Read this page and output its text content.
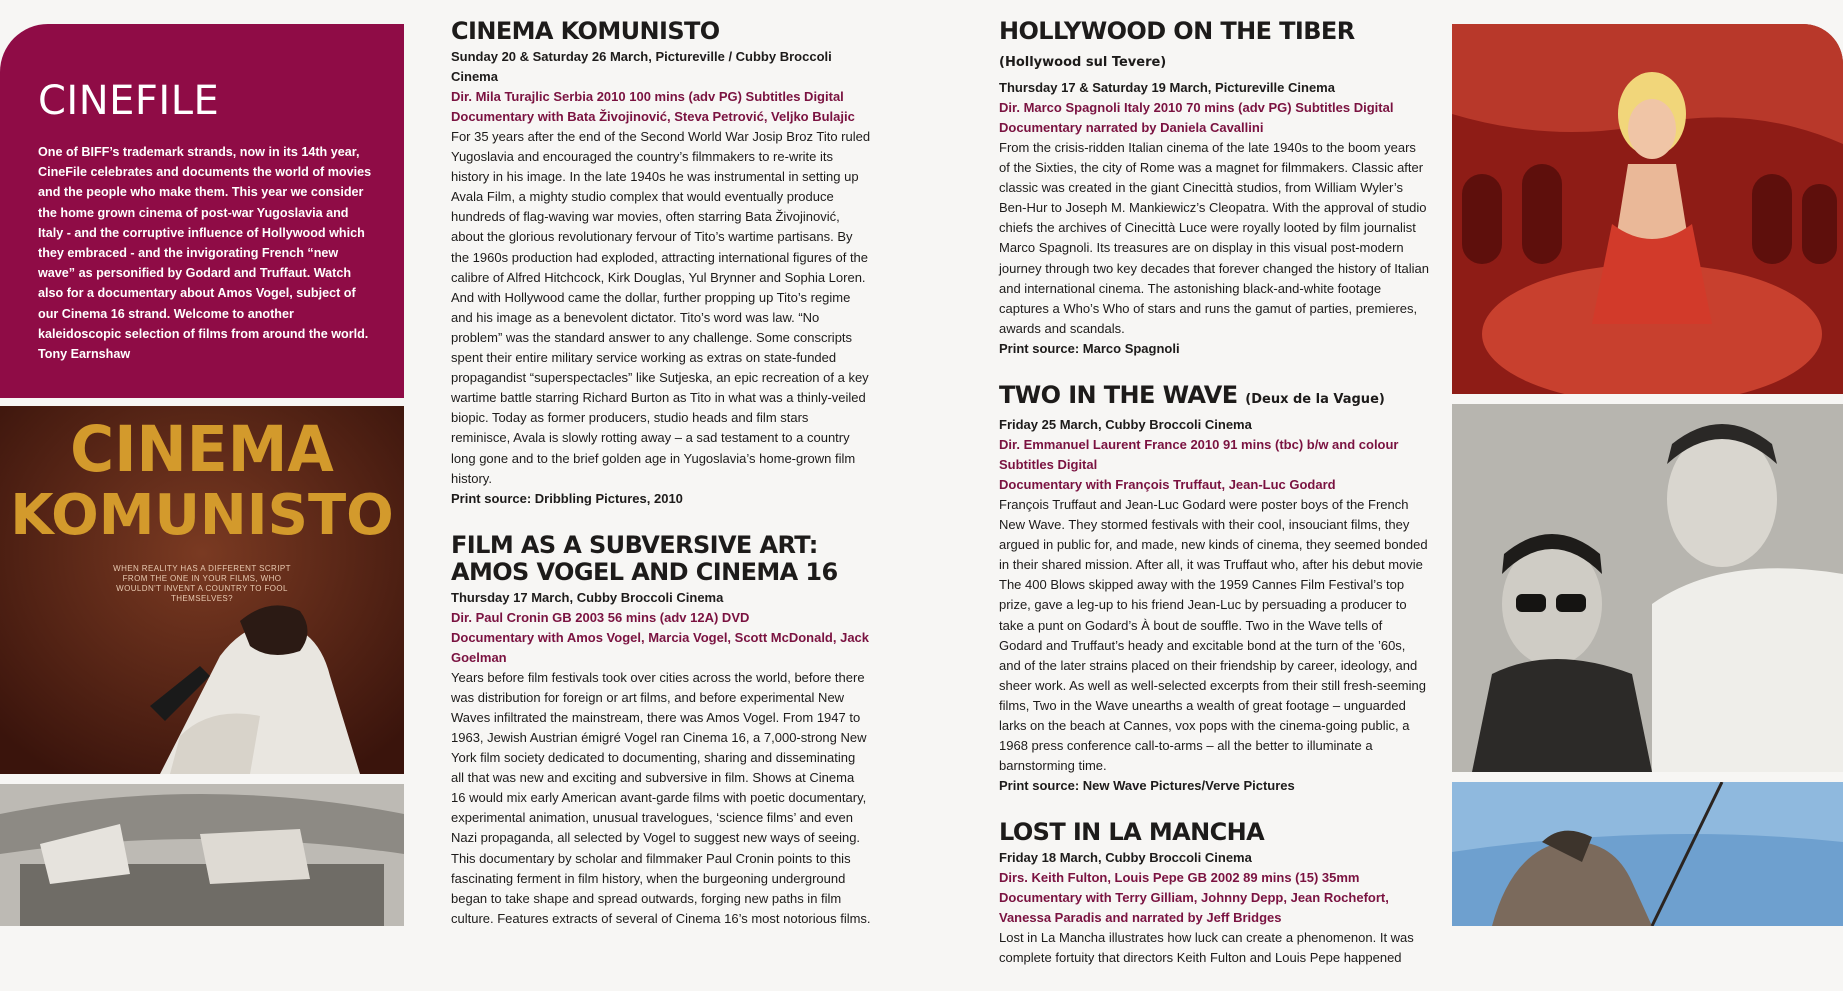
CINEFILE

One of BIFF’s trademark strands, now in its 14th year, CineFile celebrates and documents the world of movies and the people who make them. This year we consider the home grown cinema of post-war Yugoslavia and Italy - and the corruptive influence of Hollywood which they embraced - and the invigorating French “new wave” as personified by Godard and Truffaut. Watch also for a documentary about Amos Vogel, subject of our Cinema 16 strand. Welcome to another kaleidoscopic selection of films from around the world. Tony Earnshaw

CINEMA
KOMUNISTO
WHEN REALITY HAS A DIFFERENT SCRIPT FROM THE ONE IN YOUR FILMS, WHO WOULDN'T INVENT A COUNTRY TO FOOL THEMSELVES?
CINEMA KOMUNISTO
Sunday 20 & Saturday 26 March, Pictureville / Cubby Broccoli Cinema
Dir. Mila Turajlic Serbia 2010 100 mins (adv PG) Subtitles Digital
Documentary with Bata Živojinović, Steva Petrović, Veljko Bulajic
For 35 years after the end of the Second World War Josip Broz Tito ruled Yugoslavia and encouraged the country’s filmmakers to re-write its history in his image. In the late 1940s he was instrumental in setting up Avala Film, a mighty studio complex that would eventually produce hundreds of flag-waving war movies, often starring Bata Živojinović, about the glorious revolutionary fervour of Tito’s wartime partisans. By the 1960s production had exploded, attracting international figures of the calibre of Alfred Hitchcock, Kirk Douglas, Yul Brynner and Sophia Loren. And with Hollywood came the dollar, further propping up Tito’s regime and his image as a benevolent dictator. Tito’s word was law. “No problem” was the standard answer to any challenge. Some conscripts spent their entire military service working as extras on state-funded propagandist “superspectacles” like Sutjeska, an epic recreation of a key wartime battle starring Richard Burton as Tito in what was a thinly-veiled biopic. Today as former producers, studio heads and film stars reminisce, Avala is slowly rotting away – a sad testament to a country long gone and to the brief golden age in Yugoslavia’s home-grown film history.
Print source: Dribbling Pictures, 2010
FILM AS A SUBVERSIVE ART: AMOS VOGEL AND CINEMA 16
Thursday 17 March, Cubby Broccoli Cinema
Dir. Paul Cronin GB 2003 56 mins (adv 12A) DVD
Documentary with Amos Vogel, Marcia Vogel, Scott McDonald, Jack Goelman
Years before film festivals took over cities across the world, before there was distribution for foreign or art films, and before experimental New Waves infiltrated the mainstream, there was Amos Vogel. From 1947 to 1963, Jewish Austrian émigré Vogel ran Cinema 16, a 7,000-strong New York film society dedicated to documenting, sharing and disseminating all that was new and exciting and subversive in film. Shows at Cinema 16 would mix early American avant-garde films with poetic documentary, experimental animation, unusual travelogues, ‘science films’ and even Nazi propaganda, all selected by Vogel to suggest new ways of seeing. This documentary by scholar and filmmaker Paul Cronin points to this fascinating ferment in film history, when the burgeoning underground began to take shape and spread outwards, forging new paths in film culture. Features extracts of several of Cinema 16’s most notorious films.
HOLLYWOOD ON THE TIBER (Hollywood sul Tevere)
Thursday 17 & Saturday 19 March, Pictureville Cinema
Dir. Marco Spagnoli Italy 2010 70 mins (adv PG) Subtitles Digital
Documentary narrated by Daniela Cavallini
From the crisis-ridden Italian cinema of the late 1940s to the boom years of the Sixties, the city of Rome was a magnet for filmmakers. Classic after classic was created in the giant Cinecittà studios, from William Wyler’s Ben-Hur to Joseph M. Mankiewicz’s Cleopatra. With the approval of studio chiefs the archives of Cinecittà Luce were royally looted by film journalist Marco Spagnoli. Its treasures are on display in this visual post-modern journey through two key decades that forever changed the history of Italian and international cinema. The astonishing black-and-white footage captures a Who’s Who of stars and runs the gamut of parties, premieres, awards and scandals.
Print source: Marco Spagnoli
TWO IN THE WAVE (Deux de la Vague)
Friday 25 March, Cubby Broccoli Cinema
Dir. Emmanuel Laurent France 2010 91 mins (tbc) b/w and colour Subtitles Digital
Documentary with François Truffaut, Jean-Luc Godard
François Truffaut and Jean-Luc Godard were poster boys of the French New Wave. They stormed festivals with their cool, insouciant films, they argued in public for, and made, new kinds of cinema, they seemed bonded in their shared mission. After all, it was Truffaut who, after his debut movie The 400 Blows skipped away with the 1959 Cannes Film Festival’s top prize, gave a leg-up to his friend Jean-Luc by persuading a producer to take a punt on Godard’s À bout de souffle. Two in the Wave tells of Godard and Truffaut’s heady and excitable bond at the turn of the ’60s, and of the later strains placed on their friendship by career, ideology, and sheer work. As well as well-selected excerpts from their still fresh-seeming films, Two in the Wave unearths a wealth of great footage – unguarded larks on the beach at Cannes, vox pops with the cinema-going public, a 1968 press conference call-to-arms – all the better to illuminate a barnstorming time.
Print source: New Wave Pictures/Verve Pictures
LOST IN LA MANCHA
Friday 18 March, Cubby Broccoli Cinema
Dirs. Keith Fulton, Louis Pepe GB 2002 89 mins (15) 35mm
Documentary with Terry Gilliam, Johnny Depp, Jean Rochefort, Vanessa Paradis and narrated by Jeff Bridges
Lost in La Mancha illustrates how luck can create a phenomenon. It was complete fortuity that directors Keith Fulton and Louis Pepe happened
